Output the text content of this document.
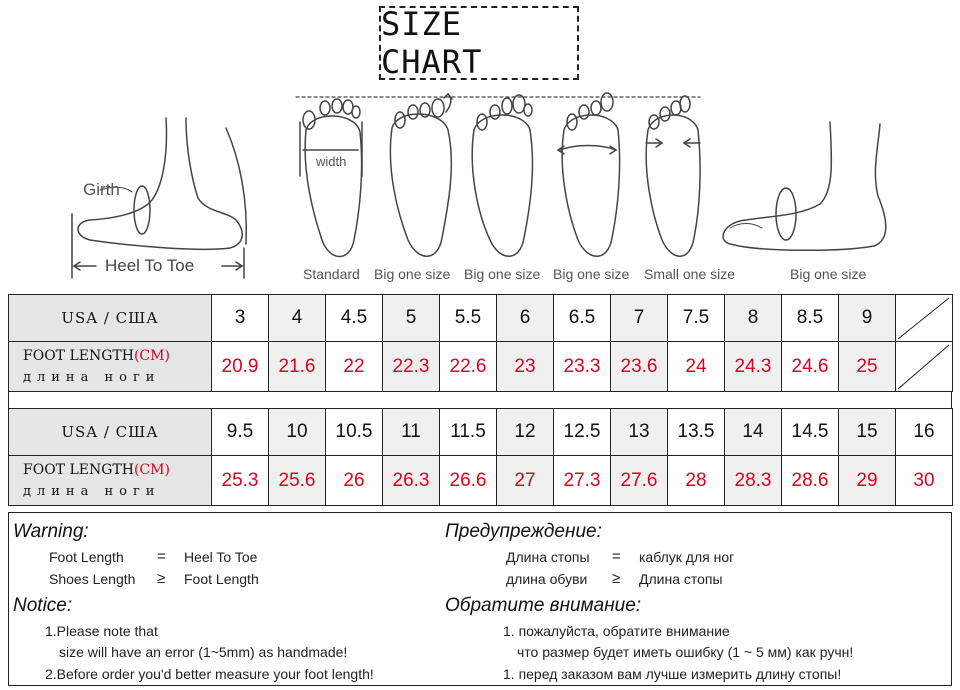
SIZE CHART
Girth
Heel To Toe
width
Standard Big one size Big one size Big one size Small one size	Big one size
USA / США	3	4	4.5	5	5.5	6	6.5	7	7.5	8	8.5	9	

FOOT LENGTH(CM)
длина ноги	20.9	21.6	22	22.3	22.6	23	23.3	23.6	24	24.3	24.6	25	
USA / США	9.5	10	10.5	11	11.5	12	12.5	13	13.5	14	14.5	15	16

FOOT LENGTH(CM)
длина ноги	25.3	25.6	26	26.3	26.6	27	27.3	27.6	28	28.3	28.6	29	30
Warning:
Foot Length = Heel To Toe
Shoes Length ≥ Foot Length
Notice:
1.Please note that
size will have an error (1~5mm) as handmade!
2.Before order you'd better measure your foot length!
Предупреждение:
Длина стопы = каблук для ног
длина обуви ≥ Длина стопы
Обратите внимание:
1. пожалуйста, обратите внимание
что размер будет иметь ошибку (1 ~ 5 мм) как ручн!
1. перед заказом вам лучше измерить длину стопы!
